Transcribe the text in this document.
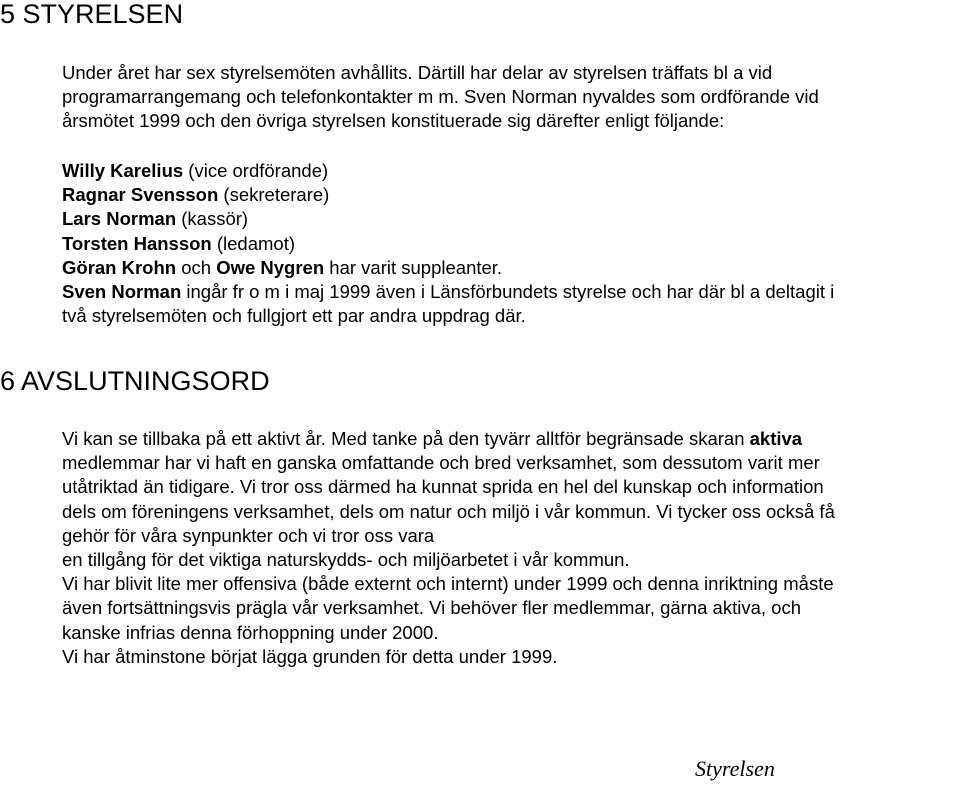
5 STYRELSEN
Under året har sex styrelsemöten avhållits. Därtill har delar av styrelsen träffats bl a vid
programarrangemang och telefonkontakter m m. Sven Norman nyvaldes som ordförande vid
årsmötet 1999 och den övriga styrelsen konstituerade sig därefter enligt följande:
Willy Karelius (vice ordförande)
Ragnar Svensson (sekreterare)
Lars Norman (kassör)
Torsten Hansson (ledamot)
Göran Krohn och Owe Nygren har varit suppleanter.
Sven Norman ingår fr o m i maj 1999 även i Länsförbundets styrelse och har där bl a deltagit i
två styrelsemöten och fullgjort ett par andra uppdrag där.
6 AVSLUTNINGSORD
Vi kan se tillbaka på ett aktivt år. Med tanke på den tyvärr alltför begränsade skaran aktiva
medlemmar har vi haft en ganska omfattande och bred verksamhet, som dessutom varit mer
utåtriktad än tidigare. Vi tror oss därmed ha kunnat sprida en hel del kunskap och information
dels om föreningens verksamhet, dels om natur och miljö i vår kommun. Vi tycker oss också få
gehör för våra synpunkter och vi tror oss vara
en tillgång för det viktiga naturskydds- och miljöarbetet i vår kommun.
Vi har blivit lite mer offensiva (både externt och internt) under 1999 och denna inriktning måste
även fortsättningsvis prägla vår verksamhet. Vi behöver fler medlemmar, gärna aktiva, och
kanske infrias denna förhoppning under 2000.
Vi har åtminstone börjat lägga grunden för detta under 1999.
Styrelsen
